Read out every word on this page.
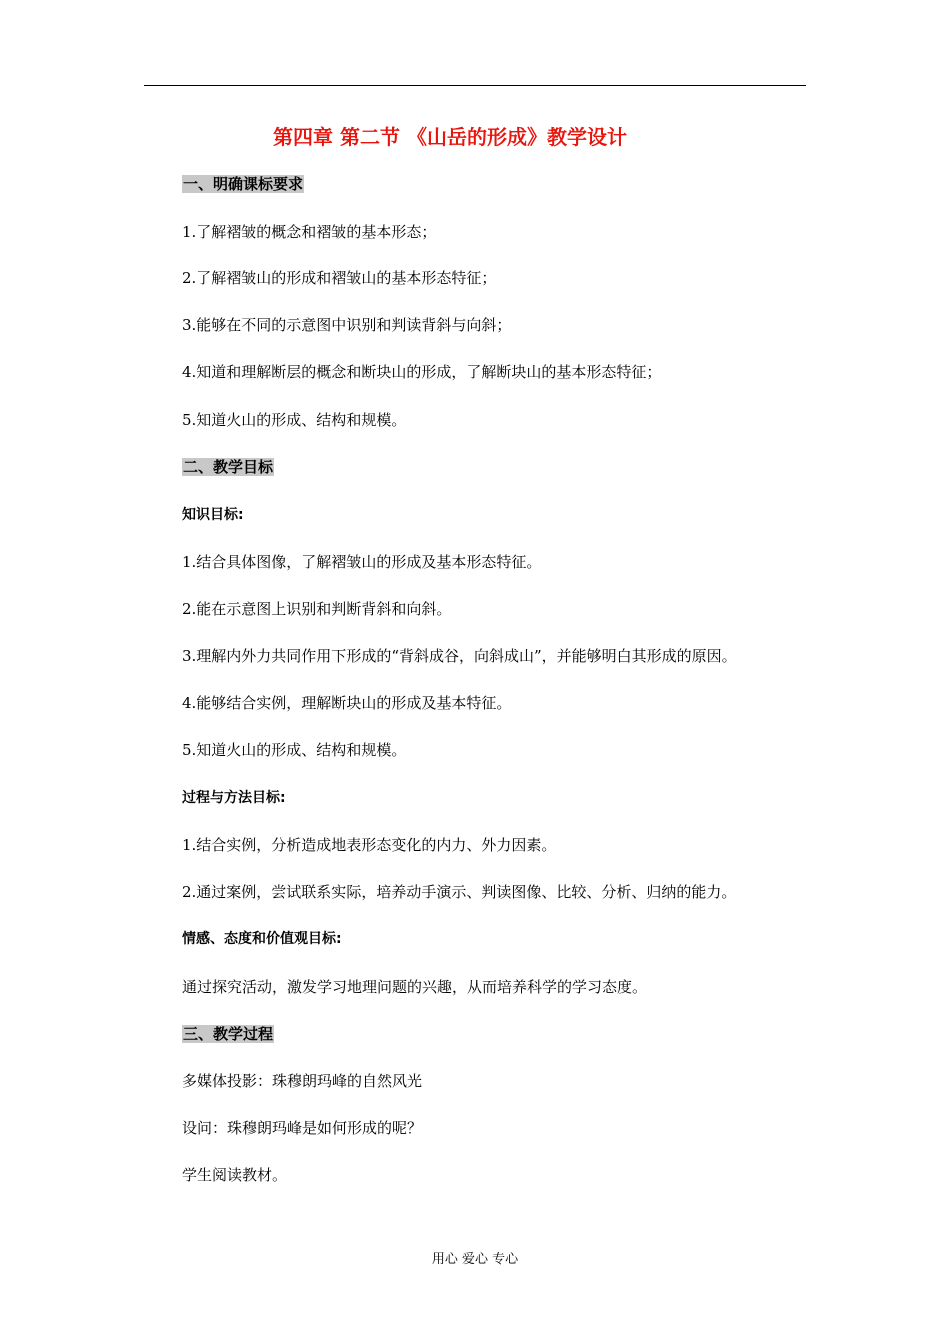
第四章 第二节 《山岳的形成》教学设计
一、明确课标要求
1.了解褶皱的概念和褶皱的基本形态；
2.了解褶皱山的形成和褶皱山的基本形态特征；
3.能够在不同的示意图中识别和判读背斜与向斜；
4.知道和理解断层的概念和断块山的形成，了解断块山的基本形态特征；
5.知道火山的形成、结构和规模。
二、教学目标
知识目标:
1.结合具体图像，了解褶皱山的形成及基本形态特征。
2.能在示意图上识别和判断背斜和向斜。
3.理解内外力共同作用下形成的“背斜成谷，向斜成山”，并能够明白其形成的原因。
4.能够结合实例，理解断块山的形成及基本特征。
5.知道火山的形成、结构和规模。
过程与方法目标:
1.结合实例，分析造成地表形态变化的内力、外力因素。
2.通过案例，尝试联系实际，培养动手演示、判读图像、比较、分析、归纳的能力。
情感、态度和价值观目标:
通过探究活动，激发学习地理问题的兴趣，从而培养科学的学习态度。
三、教学过程
多媒体投影：珠穆朗玛峰的自然风光
设问：珠穆朗玛峰是如何形成的呢？
学生阅读教材。
用心 爱心 专心
